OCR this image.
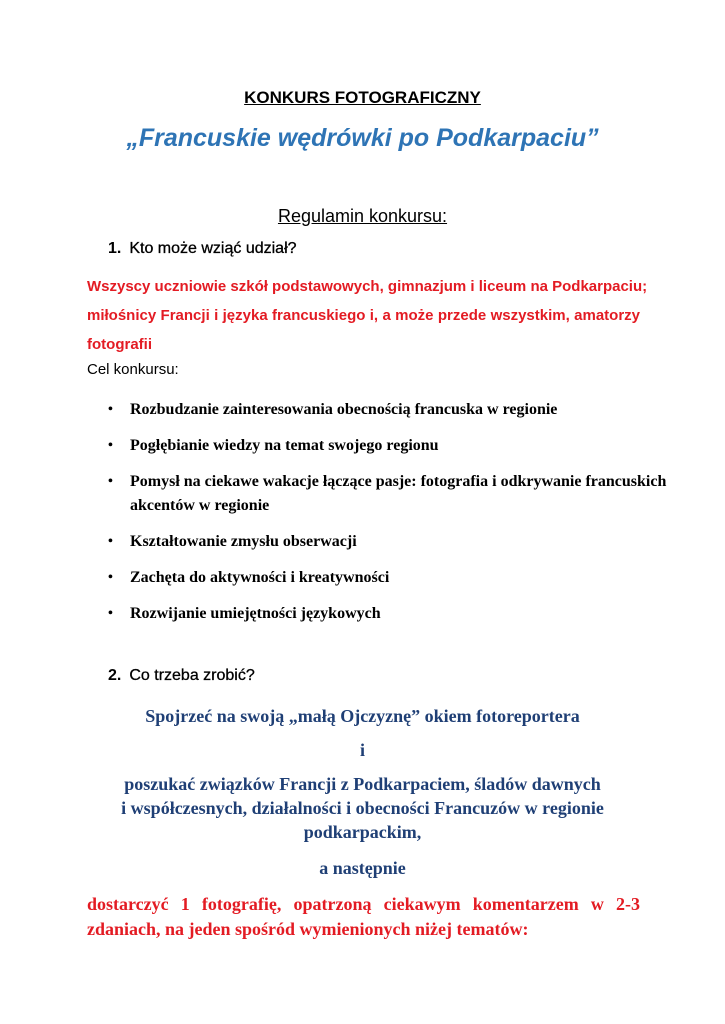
KONKURS FOTOGRAFICZNY
„Francuskie wędrówki po Podkarpaciu”
Regulamin konkursu:
1. Kto może wziąć udział?
Wszyscy uczniowie szkół podstawowych, gimnazjum i liceum na Podkarpaciu;
miłośnicy Francji i języka francuskiego i, a może przede wszystkim, amatorzy
fotografii
Cel konkursu:
• Rozbudzanie zainteresowania obecnością francuska w regionie
• Pogłębianie wiedzy na temat swojego regionu
• Pomysł na ciekawe wakacje łączące pasje: fotografia i odkrywanie francuskich akcentów w regionie
• Kształtowanie zmysłu obserwacji
• Zachęta do aktywności i kreatywności
• Rozwijanie umiejętności językowych
2. Co trzeba zrobić?
Spojrzeć na swoją „małą Ojczyznę” okiem fotoreportera
i
poszukać związków Francji z Podkarpaciem, śladów dawnych
i współczesnych, działalności i obecności Francuzów w regionie
podkarpackim,
a następnie
dostarczyć 1 fotografię, opatrzoną ciekawym komentarzem w 2-3
zdaniach, na jeden spośród wymienionych niżej tematów:
